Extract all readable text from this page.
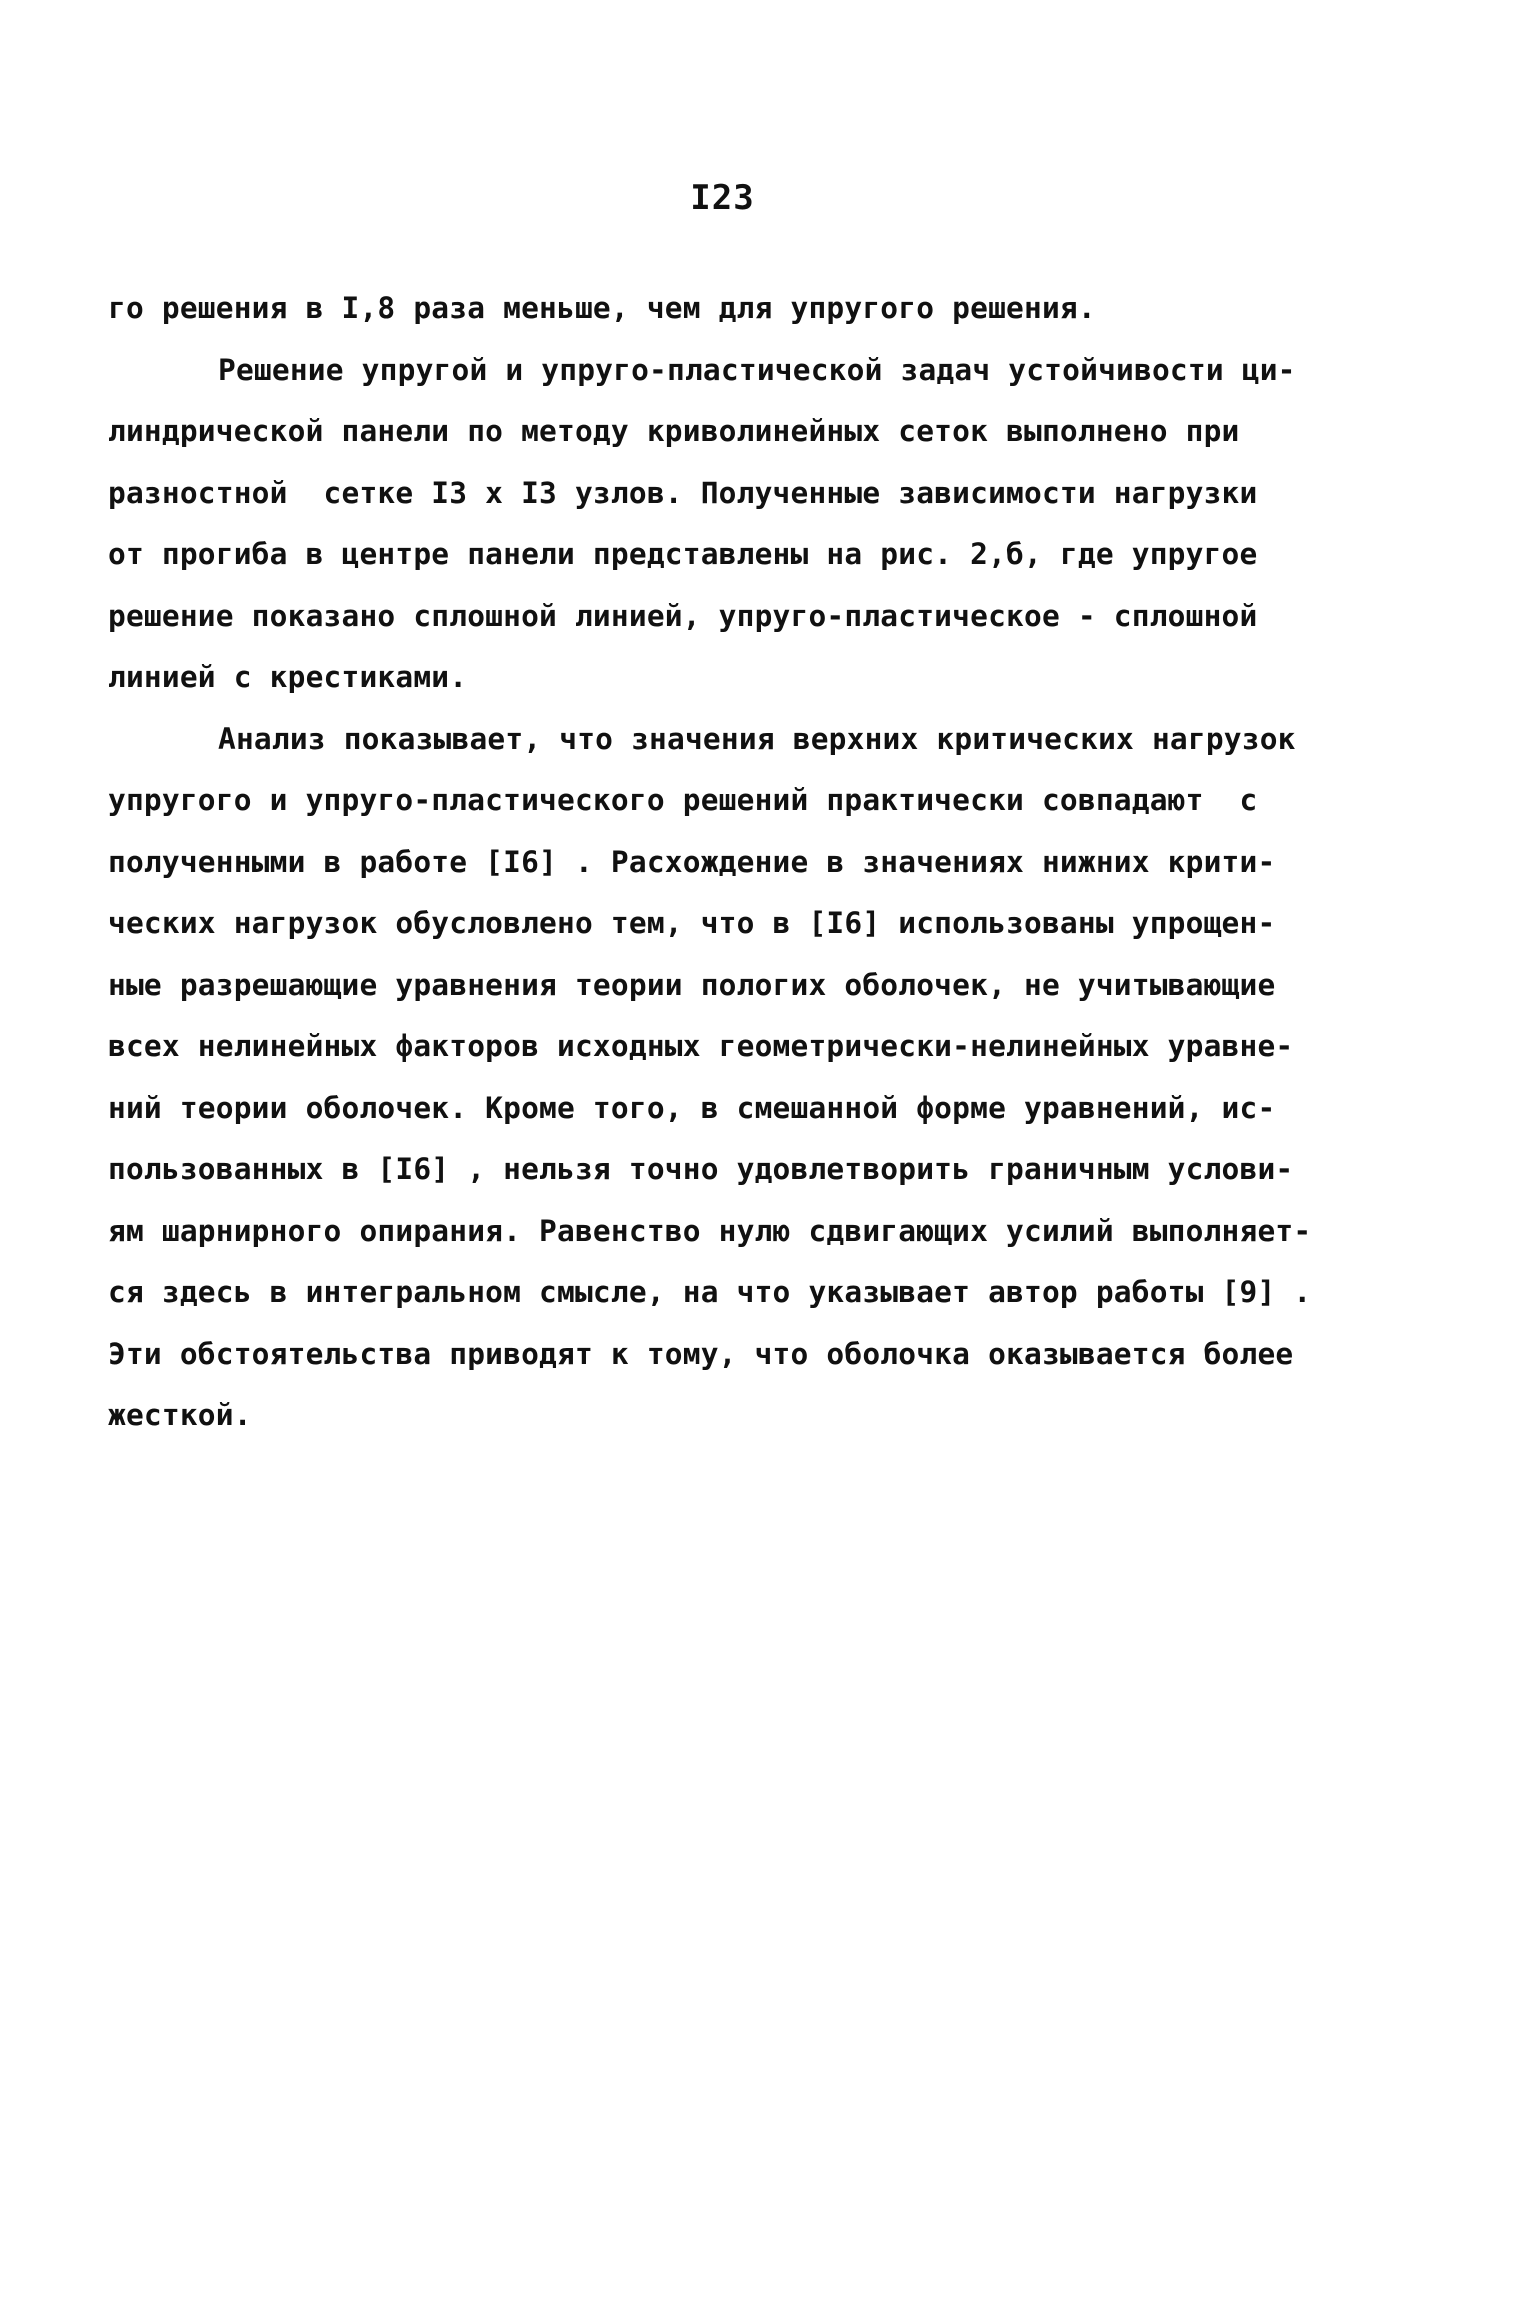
I23
го решения в I,8 раза меньше, чем для упругого решения.
Решение упругой и упруго-пластической задач устойчивости ци-
линдрической панели по методу криволинейных сеток выполнено при
разностной  сетке I3 x I3 узлов. Полученные зависимости нагрузки
от прогиба в центре панели представлены на рис. 2,б, где упругое
решение показано сплошной линией, упруго-пластическое - сплошной
линией с крестиками.
Анализ показывает, что значения верхних критических нагрузок
упругого и упруго-пластического решений практически совпадают  с
полученными в работе [I6] . Расхождение в значениях нижних крити-
ческих нагрузок обусловлено тем, что в [I6] использованы упрощен-
ные разрешающие уравнения теории пологих оболочек, не учитывающие
всех нелинейных факторов исходных геометрически-нелинейных уравне-
ний теории оболочек. Кроме того, в смешанной форме уравнений, ис-
пользованных в [I6] , нельзя точно удовлетворить граничным услови-
ям шарнирного опирания. Равенство нулю сдвигающих усилий выполняет-
ся здесь в интегральном смысле, на что указывает автор работы [9] .
Эти обстоятельства приводят к тому, что оболочка оказывается более
жесткой.
